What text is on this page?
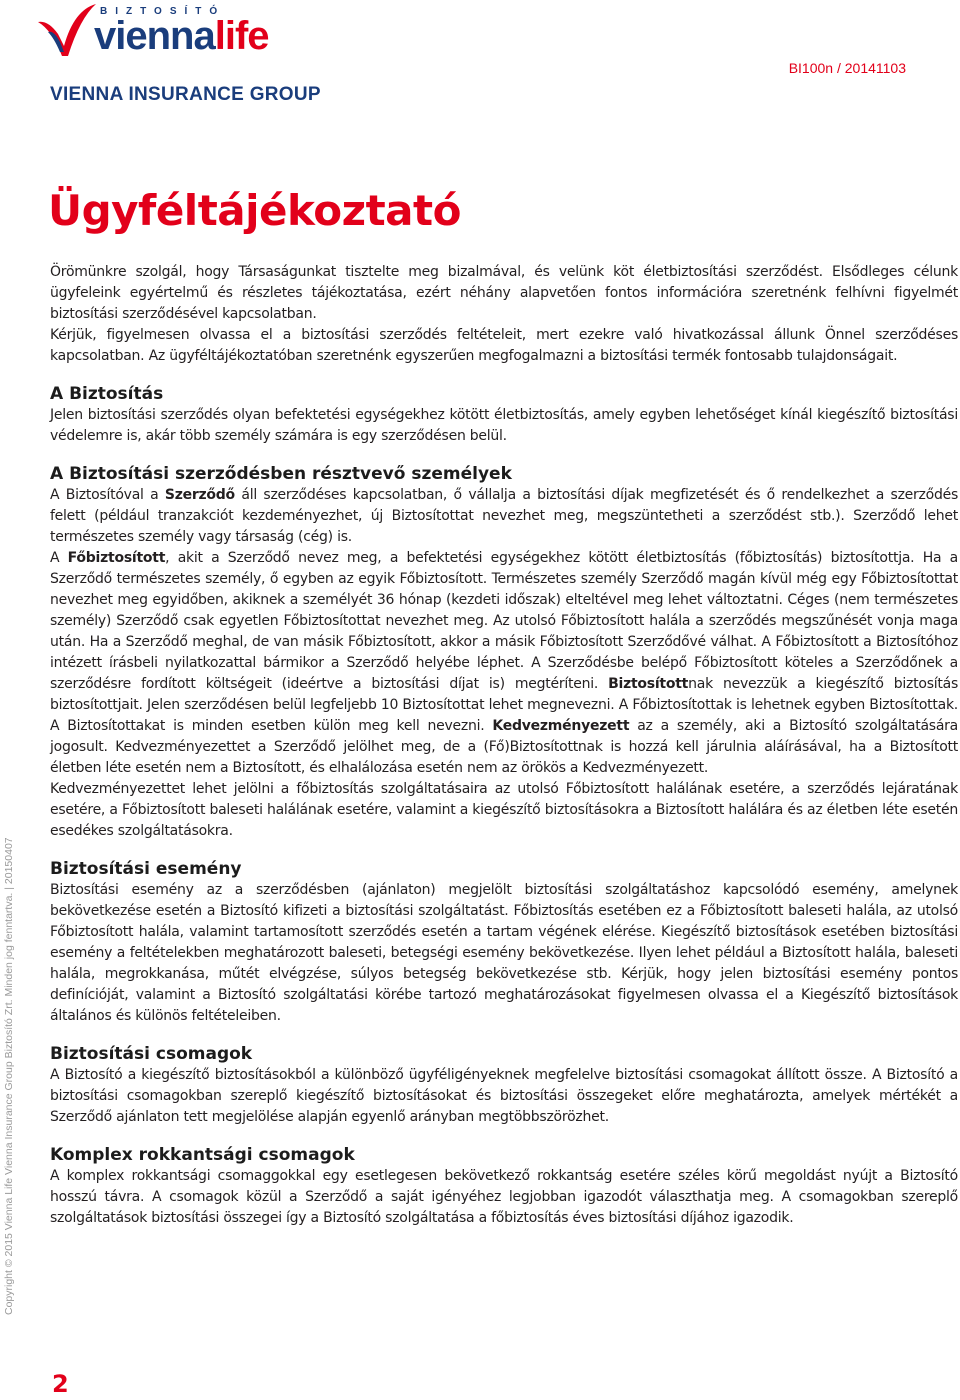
BIZTOSÍTÓ
viennalife
VIENNA INSURANCE GROUP
BI100n / 20141103
Ügyféltájékoztató

Örömünkre szolgál, hogy Társaságunkat tisztelte meg bizalmával, és velünk köt életbiztosítási szerződést. Elsődleges célunk ügyfeleink egyértelmű és részletes tájékoztatása, ezért néhány alapvetően fontos információra szeretnénk felhívni figyelmét biztosítási szerződésével kapcsolatban.

Kérjük, figyelmesen olvassa el a biztosítási szerződés feltételeit, mert ezekre való hivatkozással állunk Önnel szerződéses kapcsolatban. Az ügyféltájékoztatóban szeretnénk egyszerűen megfogalmazni a biztosítási termék fontosabb tulajdonságait.

A Biztosítás

Jelen biztosítási szerződés olyan befektetési egységekhez kötött életbiztosítás, amely egyben lehetőséget kínál kiegészítő biztosítási védelemre is, akár több személy számára is egy szerződésen belül.

A Biztosítási szerződésben résztvevő személyek

A Biztosítóval a Szerződő áll szerződéses kapcsolatban, ő vállalja a biztosítási díjak megfizetését és ő rendelkezhet a szerződés felett (például tranzakciót kezdeményezhet, új Biztosítottat nevezhet meg, megszüntetheti a szerződést stb.). Szerződő lehet természetes személy vagy társaság (cég) is.

A Főbiztosított, akit a Szerződő nevez meg, a befektetési egységekhez kötött életbiztosítás (főbiztosítás) biztosítottja. Ha a Szerződő természetes személy, ő egyben az egyik Főbiztosított. Természetes személy Szerződő magán kívül még egy Főbiztosítottat nevezhet meg egyidőben, akiknek a személyét 36 hónap (kezdeti időszak) elteltével meg lehet változtatni. Céges (nem természetes személy) Szerződő csak egyetlen Főbiztosítottat nevezhet meg. Az utolsó Főbiztosított halála a szerződés megszűnését vonja maga után. Ha a Szerződő meghal, de van másik Főbiztosított, akkor a másik Főbiztosított Szerződővé válhat. A Főbiztosított a Biztosítóhoz intézett írásbeli nyilatkozattal bármikor a Szerződő helyébe léphet. A Szerződésbe belépő Főbiztosított köteles a Szerződőnek a szerződésre fordított költségeit (ideértve a biztosítási díjat is) megtéríteni. Biztosítottnak nevezzük a kiegészítő biztosítás biztosítottjait. Jelen szerződésen belül legfeljebb 10 Biztosítottat lehet megnevezni. A Főbiztosítottak is lehetnek egyben Biztosítottak. A Biztosítottakat is minden esetben külön meg kell nevezni. Kedvezményezett az a személy, aki a Biztosító szolgáltatására jogosult. Kedvezményezettet a Szerződő jelölhet meg, de a (Fő)Biztosítottnak is hozzá kell járulnia aláírásával, ha a Biztosított életben léte esetén nem a Biztosított, és elhalálozása esetén nem az örökös a Kedvezményezett.

Kedvezményezettet lehet jelölni a főbiztosítás szolgáltatásaira az utolsó Főbiztosított halálának esetére, a szerződés lejáratának esetére, a Főbiztosított baleseti halálának esetére, valamint a kiegészítő biztosításokra a Biztosított halálára és az életben léte esetén esedékes szolgáltatásokra.

Biztosítási esemény

Biztosítási esemény az a szerződésben (ajánlaton) megjelölt biztosítási szolgáltatáshoz kapcsolódó esemény, amelynek bekövetkezése esetén a Biztosító kifizeti a biztosítási szolgáltatást. Főbiztosítás esetében ez a Főbiztosított baleseti halála, az utolsó Főbiztosított halála, valamint tartamosított szerződés esetén a tartam végének elérése. Kiegészítő biztosítások esetében biztosítási esemény a feltételekben meghatározott baleseti, betegségi esemény bekövetkezése. Ilyen lehet például a Biztosított halála, baleseti halála, megrokkanása, műtét elvégzése, súlyos betegség bekövetkezése stb. Kérjük, hogy jelen biztosítási esemény pontos definícióját, valamint a Biztosító szolgáltatási körébe tartozó meghatározásokat figyelmesen olvassa el a Kiegészítő biztosítások általános és különös feltételeiben.

Biztosítási csomagok

A Biztosító a kiegészítő biztosításokból a különböző ügyféligényeknek megfelelve biztosítási csomagokat állított össze. A Biztosító a biztosítási csomagokban szereplő kiegészítő biztosításokat és biztosítási összegeket előre meghatározta, amelyek mértékét a Szerződő ajánlaton tett megjelölése alapján egyenlő arányban megtöbbszörözhet.

Komplex rokkantsági csomagok

A komplex rokkantsági csomaggokkal egy esetlegesen bekövetkező rokkantság esetére széles körű megoldást nyújt a Biztosító hosszú távra. A csomagok közül a Szerződő a saját igényéhez legjobban igazodót választhatja meg. A csomagokban szereplő szolgáltatások biztosítási összegei így a Biztosító szolgáltatása a főbiztosítás éves biztosítási díjához igazodik.

Copyright © 2015 Vienna Life Vienna Insurance Group Biztosító Zrt. Minden jog fenntartva. | 20150407
2
